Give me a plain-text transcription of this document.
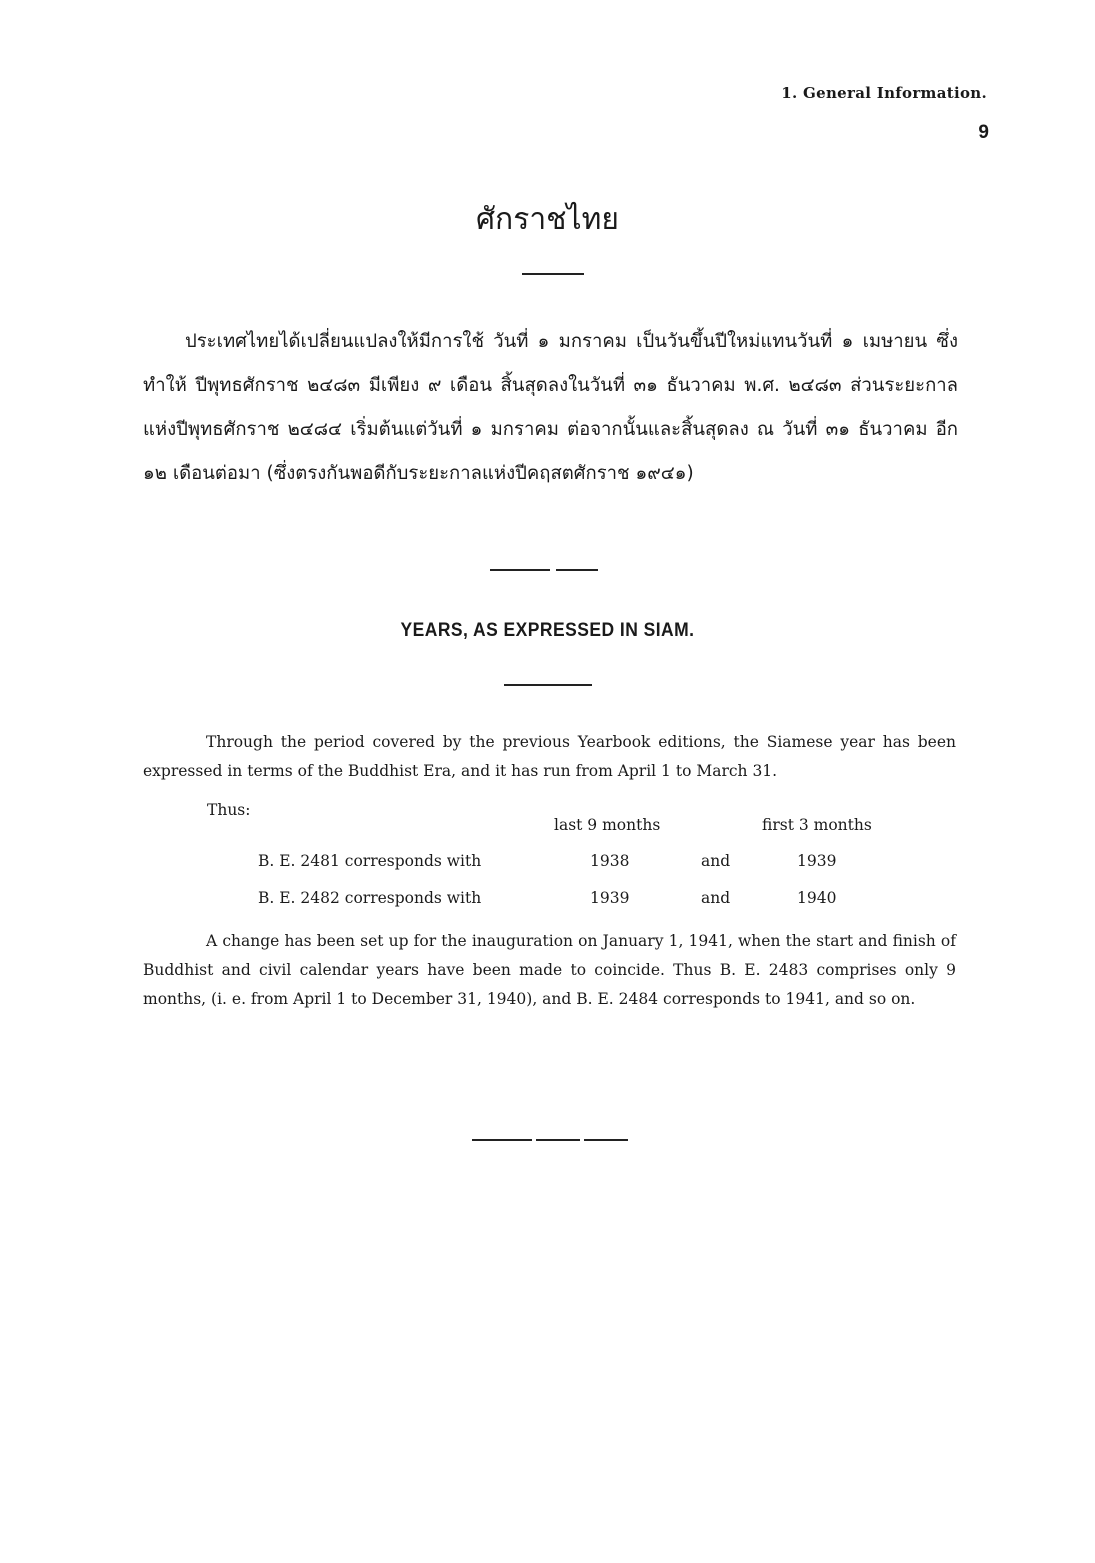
1. General Information.
9
ศักราชไทย

ประเทศไทยได้เปลี่ยนแปลงให้มีการใช้ วันที่ ๑ มกราคม เป็นวันขึ้นปีใหม่แทนวันที่ ๑ เมษายน ซึ่งทำให้ ปีพุทธศักราช ๒๔๘๓ มีเพียง ๙ เดือน สิ้นสุดลงในวันที่ ๓๑ ธันวาคม พ.ศ. ๒๔๘๓ ส่วนระยะกาลแห่งปีพุทธศักราช ๒๔๘๔ เริ่มต้นแต่วันที่ ๑ มกราคม ต่อจากนั้นและสิ้นสุดลง ณ วันที่ ๓๑ ธันวาคม อีก ๑๒ เดือนต่อมา (ซึ่งตรงกันพอดีกับระยะกาลแห่งปีคฤสตศักราช ๑๙๔๑)

YEARS, AS EXPRESSED IN SIAM.

Through the period covered by the previous Yearbook editions, the Siamese year has been expressed in terms of the Buddhist Era, and it has run from April 1 to March 31.

Thus:
last 9 months	first 3 months
B. E. 2481 corresponds with	1938	and	1939
B. E. 2482 corresponds with	1939	and	1940

A change has been set up for the inauguration on January 1, 1941, when the start and finish of Buddhist and civil calendar years have been made to coincide. Thus B. E. 2483 comprises only 9 months, (i. e. from April 1 to December 31, 1940), and B. E. 2484 corresponds to 1941, and so on.
